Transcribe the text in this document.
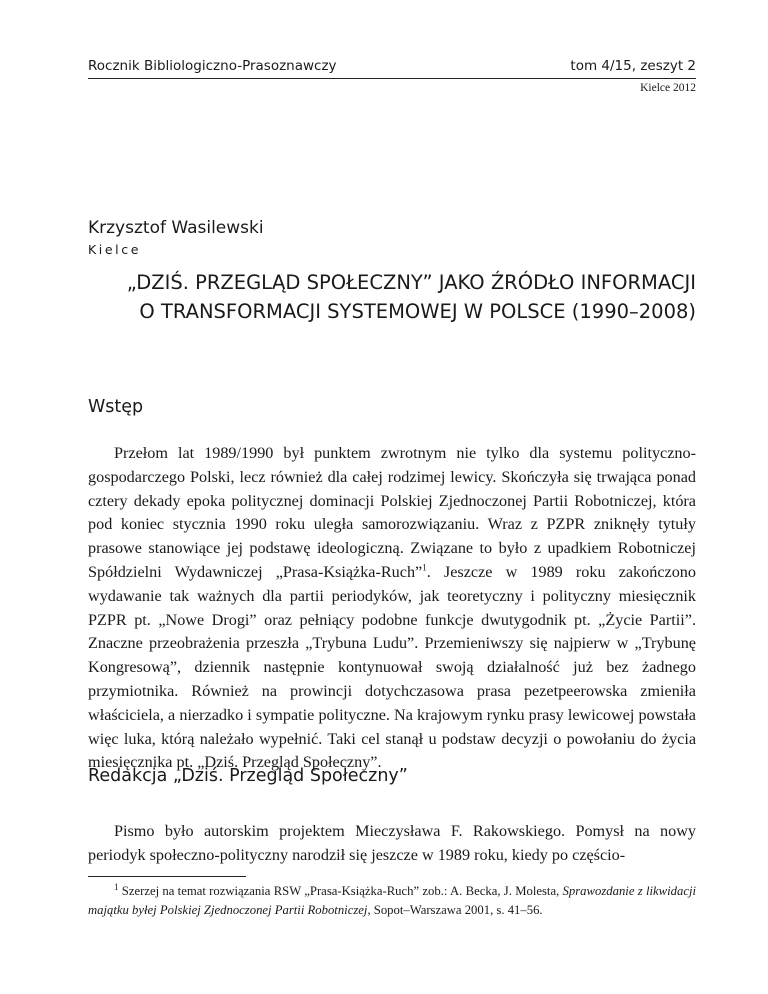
Rocznik Bibliologiczno-Prasoznawczy	tom 4/15, zeszyt 2
Kielce 2012
Krzysztof Wasilewski
Kielce
„DZIŚ. PRZEGLĄD SPOŁECZNY” JAKO ŹRÓDŁO INFORMACJI
O TRANSFORMACJI SYSTEMOWEJ W POLSCE (1990–2008)
Wstęp
Przełom lat 1989/1990 był punktem zwrotnym nie tylko dla systemu polityczno-gospodarczego Polski, lecz również dla całej rodzimej lewicy. Skończyła się trwająca ponad cztery dekady epoka politycznej dominacji Polskiej Zjednoczonej Partii Robotniczej, która pod koniec stycznia 1990 roku uległa samorozwiązaniu. Wraz z PZPR zniknęły tytuły prasowe stanowiące jej podstawę ideologiczną. Związane to było z upadkiem Robotniczej Spółdzielni Wydawniczej „Prasa-Książka-Ruch”$^1$. Jeszcze w 1989 roku zakończono wydawanie tak ważnych dla partii periodyków, jak teoretyczny i polityczny miesięcznik PZPR pt. „Nowe Drogi” oraz pełniący podobne funkcje dwutygodnik pt. „Życie Partii”. Znaczne przeobrażenia przeszła „Trybuna Ludu”. Przemieniwszy się najpierw w „Trybunę Kongresową”, dziennik następnie kontynuował swoją działalność już bez żadnego przymiotnika. Również na prowincji dotychczasowa prasa pezetpeerowska zmieniła właściciela, a nierzadko i sympatie polityczne. Na krajowym rynku prasy lewicowej powstała więc luka, którą należało wypełnić. Taki cel stanął u podstaw decyzji o powołaniu do życia miesięcznika pt. „Dziś. Przegląd Społeczny”.
Redakcja „Dziś. Przegląd Społeczny”
Pismo było autorskim projektem Mieczysława F. Rakowskiego. Pomysł na nowy periodyk społeczno-polityczny narodził się jeszcze w 1989 roku, kiedy po częścio-
$^1$ Szerzej na temat rozwiązania RSW „Prasa-Książka-Ruch” zob.: A. Becka, J. Molesta, Sprawozdanie z likwidacji majątku byłej Polskiej Zjednoczonej Partii Robotniczej, Sopot–Warszawa 2001, s. 41–56.
